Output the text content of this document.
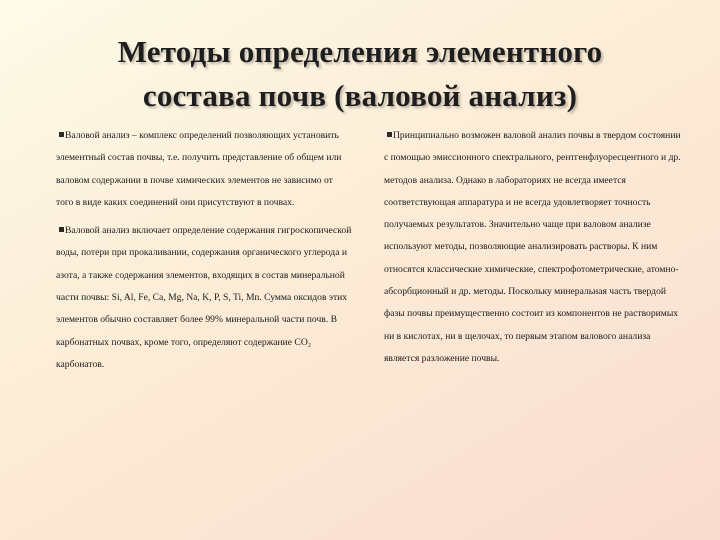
Методы определения элементного
состава почв (валовой анализ)

Валовой анализ – комплекс определений позволяющих установить элементный состав почвы, т.е. получить представление об общем или валовом содержании в почве химических элементов не зависимо от того в виде каких соединений они присутствуют в почвах.

Валовой анализ включает определение содержания гигроскопической воды, потери при прокаливании, содержания органического углерода и азота, а также содержания элементов, входящих в состав минеральной части почвы: Si, Al, Fe, Ca, Mg, Na, K, P, S, Ti, Mn. Сумма оксидов этих элементов обычно составляет более 99% минеральной части почв. В карбонатных почвах, кроме того, определяют содержание CO₂ карбонатов.

Принципиально возможен валовой анализ почвы в твердом состоянии с помощью эмиссионного спектрального, рентгенфлуоресцентного и др. методов анализа. Однако в лабораториях не всегда имеется соответствующая аппаратура и не всегда удовлетворяет точность получаемых результатов. Значительно чаще при валовом анализе используют методы, позволяющие анализировать растворы. К ним относятся классические химические, спектрофотометрические, атомно-абсорбционный и др. методы. Поскольку минеральная часть твердой фазы почвы преимущественно состоит из компонентов не растворимых ни в кислотах, ни в щелочах, то первым этапом валового анализа является разложение почвы.
